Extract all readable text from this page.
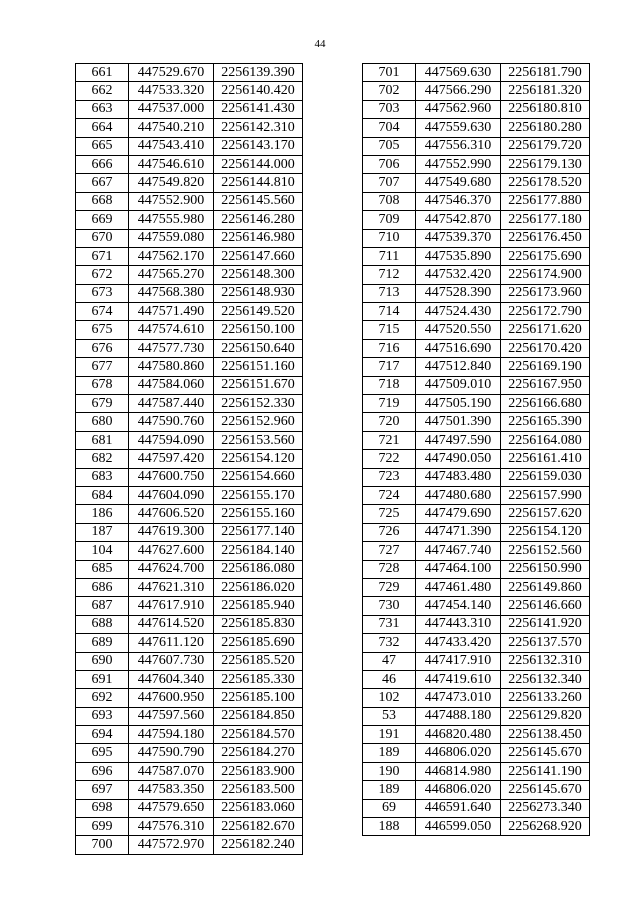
44
661	447529.670	2256139.390
662	447533.320	2256140.420
663	447537.000	2256141.430
664	447540.210	2256142.310
665	447543.410	2256143.170
666	447546.610	2256144.000
667	447549.820	2256144.810
668	447552.900	2256145.560
669	447555.980	2256146.280
670	447559.080	2256146.980
671	447562.170	2256147.660
672	447565.270	2256148.300
673	447568.380	2256148.930
674	447571.490	2256149.520
675	447574.610	2256150.100
676	447577.730	2256150.640
677	447580.860	2256151.160
678	447584.060	2256151.670
679	447587.440	2256152.330
680	447590.760	2256152.960
681	447594.090	2256153.560
682	447597.420	2256154.120
683	447600.750	2256154.660
684	447604.090	2256155.170
186	447606.520	2256155.160
187	447619.300	2256177.140
104	447627.600	2256184.140
685	447624.700	2256186.080
686	447621.310	2256186.020
687	447617.910	2256185.940
688	447614.520	2256185.830
689	447611.120	2256185.690
690	447607.730	2256185.520
691	447604.340	2256185.330
692	447600.950	2256185.100
693	447597.560	2256184.850
694	447594.180	2256184.570
695	447590.790	2256184.270
696	447587.070	2256183.900
697	447583.350	2256183.500
698	447579.650	2256183.060
699	447576.310	2256182.670
700	447572.970	2256182.240
701	447569.630	2256181.790
702	447566.290	2256181.320
703	447562.960	2256180.810
704	447559.630	2256180.280
705	447556.310	2256179.720
706	447552.990	2256179.130
707	447549.680	2256178.520
708	447546.370	2256177.880
709	447542.870	2256177.180
710	447539.370	2256176.450
711	447535.890	2256175.690
712	447532.420	2256174.900
713	447528.390	2256173.960
714	447524.430	2256172.790
715	447520.550	2256171.620
716	447516.690	2256170.420
717	447512.840	2256169.190
718	447509.010	2256167.950
719	447505.190	2256166.680
720	447501.390	2256165.390
721	447497.590	2256164.080
722	447490.050	2256161.410
723	447483.480	2256159.030
724	447480.680	2256157.990
725	447479.690	2256157.620
726	447471.390	2256154.120
727	447467.740	2256152.560
728	447464.100	2256150.990
729	447461.480	2256149.860
730	447454.140	2256146.660
731	447443.310	2256141.920
732	447433.420	2256137.570
47	447417.910	2256132.310
46	447419.610	2256132.340
102	447473.010	2256133.260
53	447488.180	2256129.820
191	446820.480	2256138.450
189	446806.020	2256145.670
190	446814.980	2256141.190
189	446806.020	2256145.670
69	446591.640	2256273.340
188	446599.050	2256268.920
